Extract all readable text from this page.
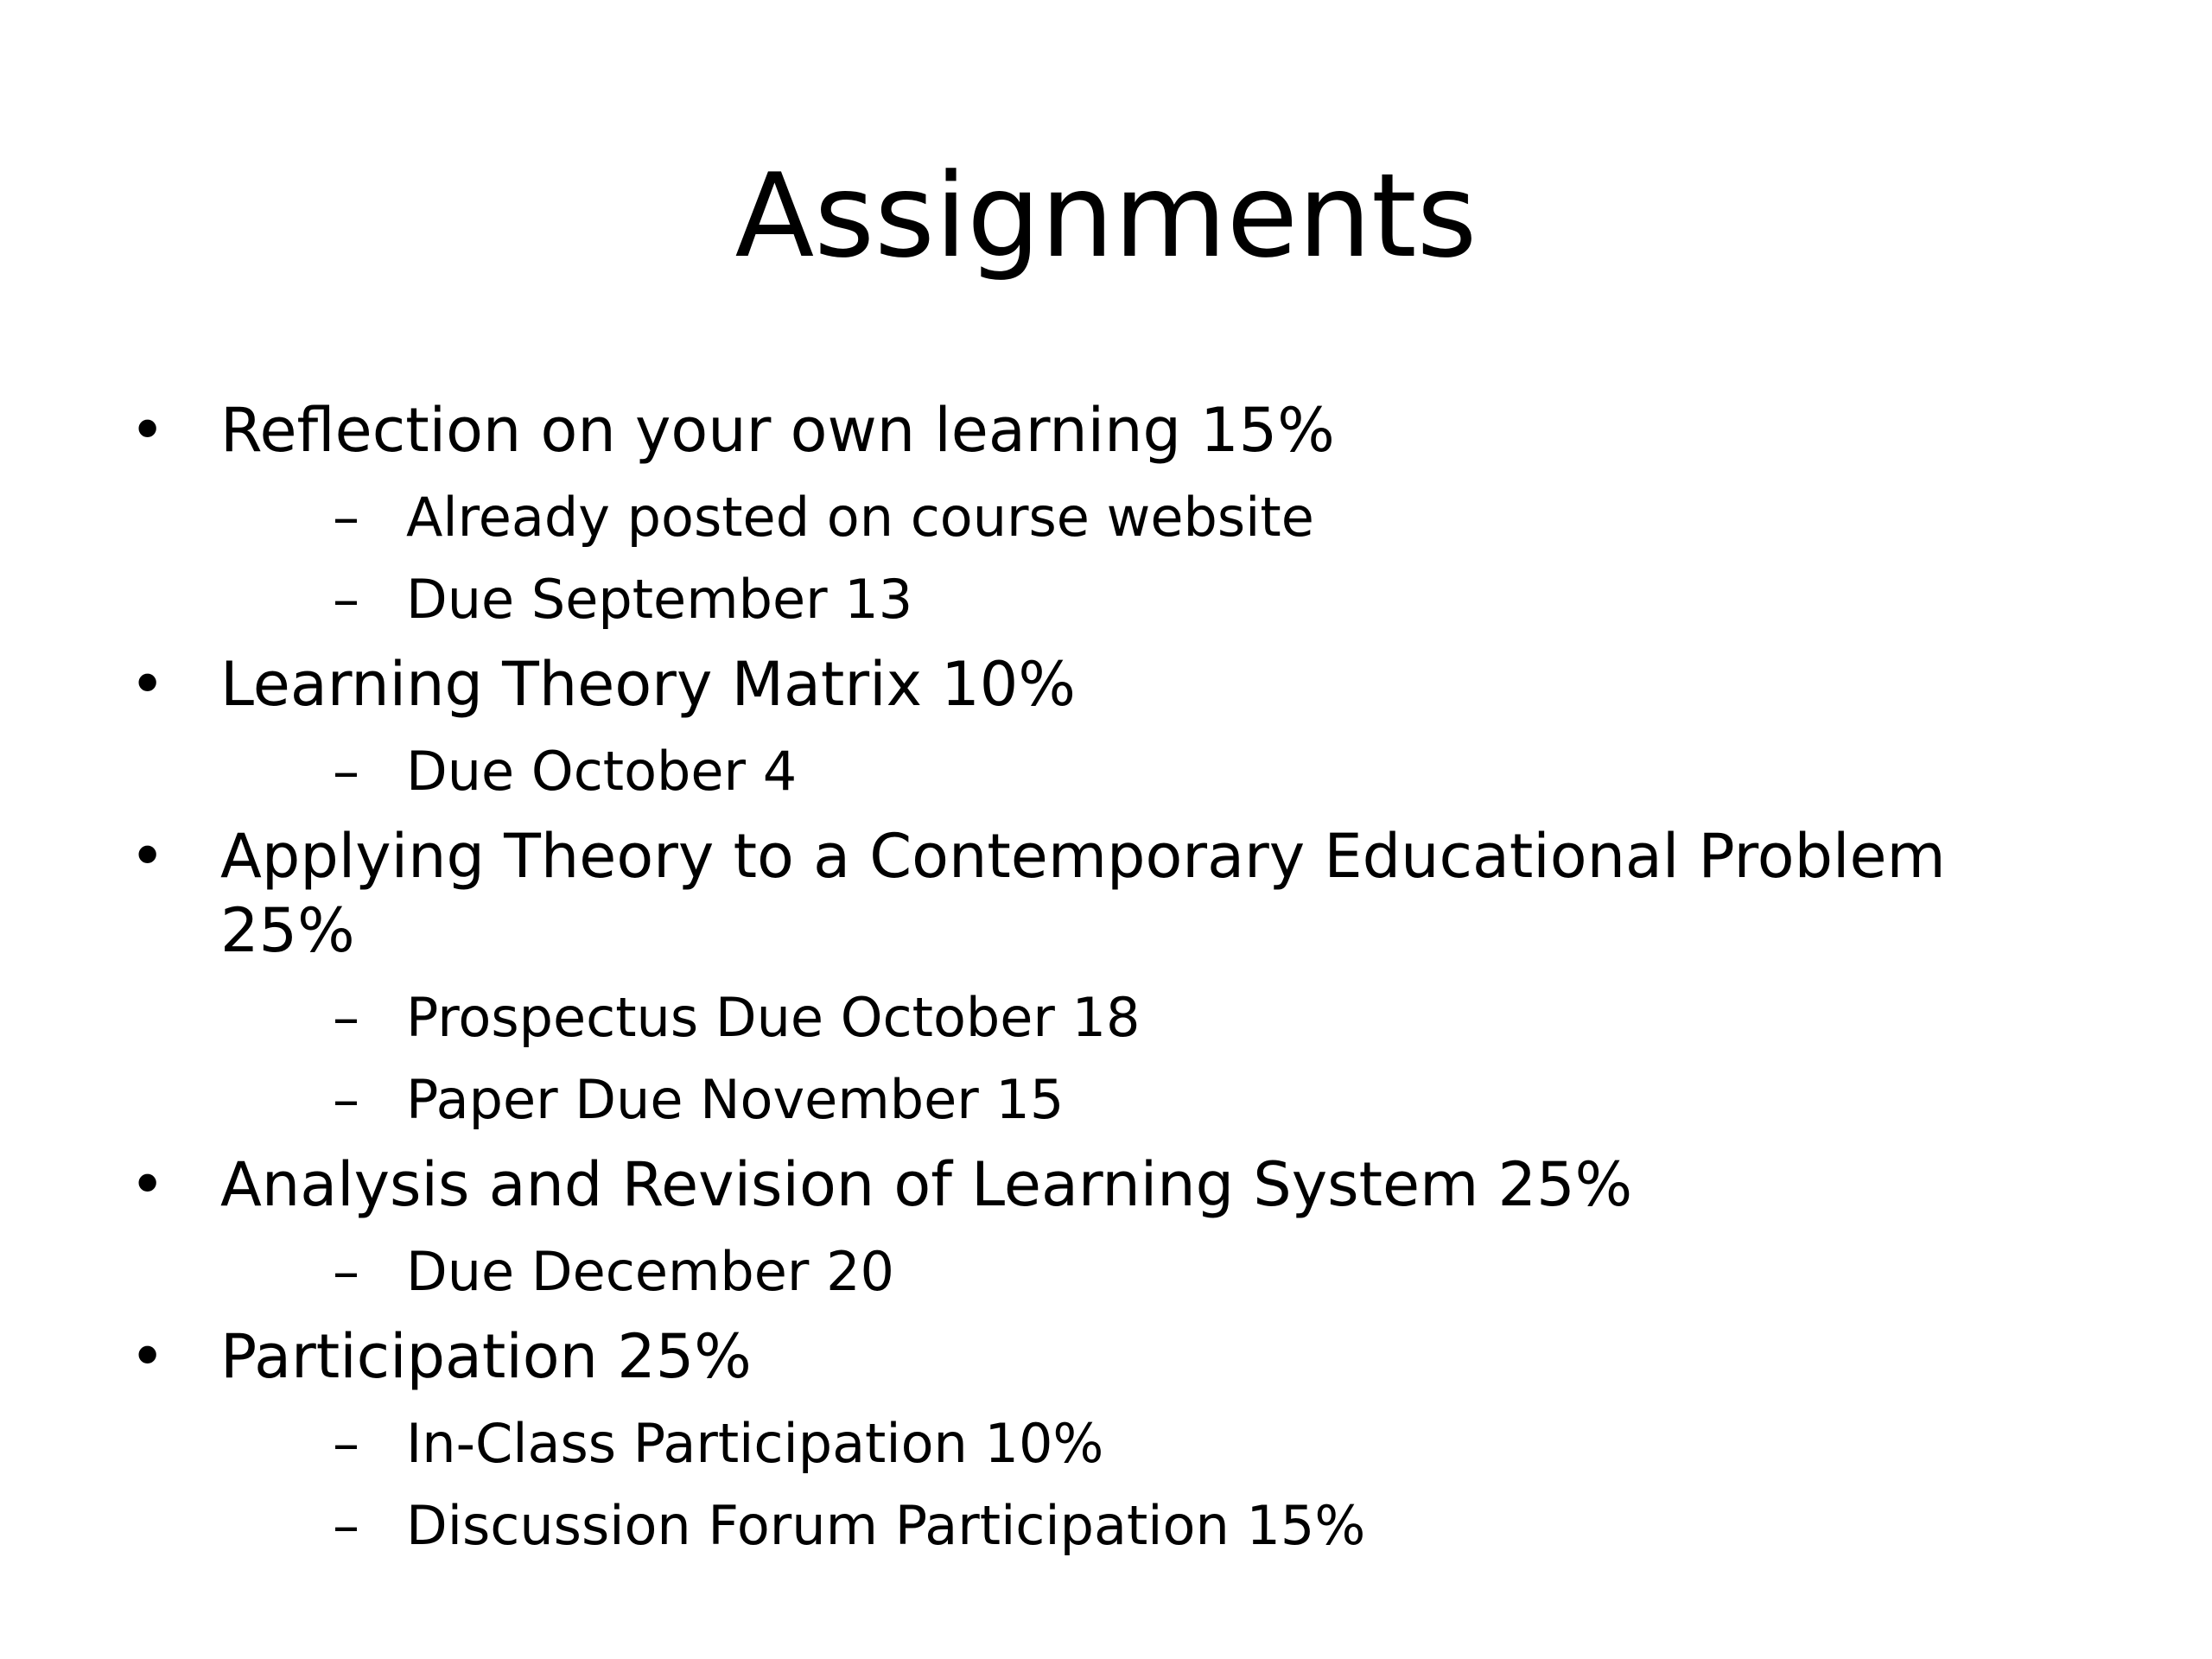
Assignments
• Reflection on your own learning 15%
– Already posted on course website
– Due September 13
• Learning Theory Matrix 10%
– Due October 4
• Applying Theory to a Contemporary Educational Problem 25%
– Prospectus Due October 18
– Paper Due November 15
• Analysis and Revision of Learning System 25%
– Due December 20
• Participation 25%
– In-Class Participation 10%
– Discussion Forum Participation 15%
